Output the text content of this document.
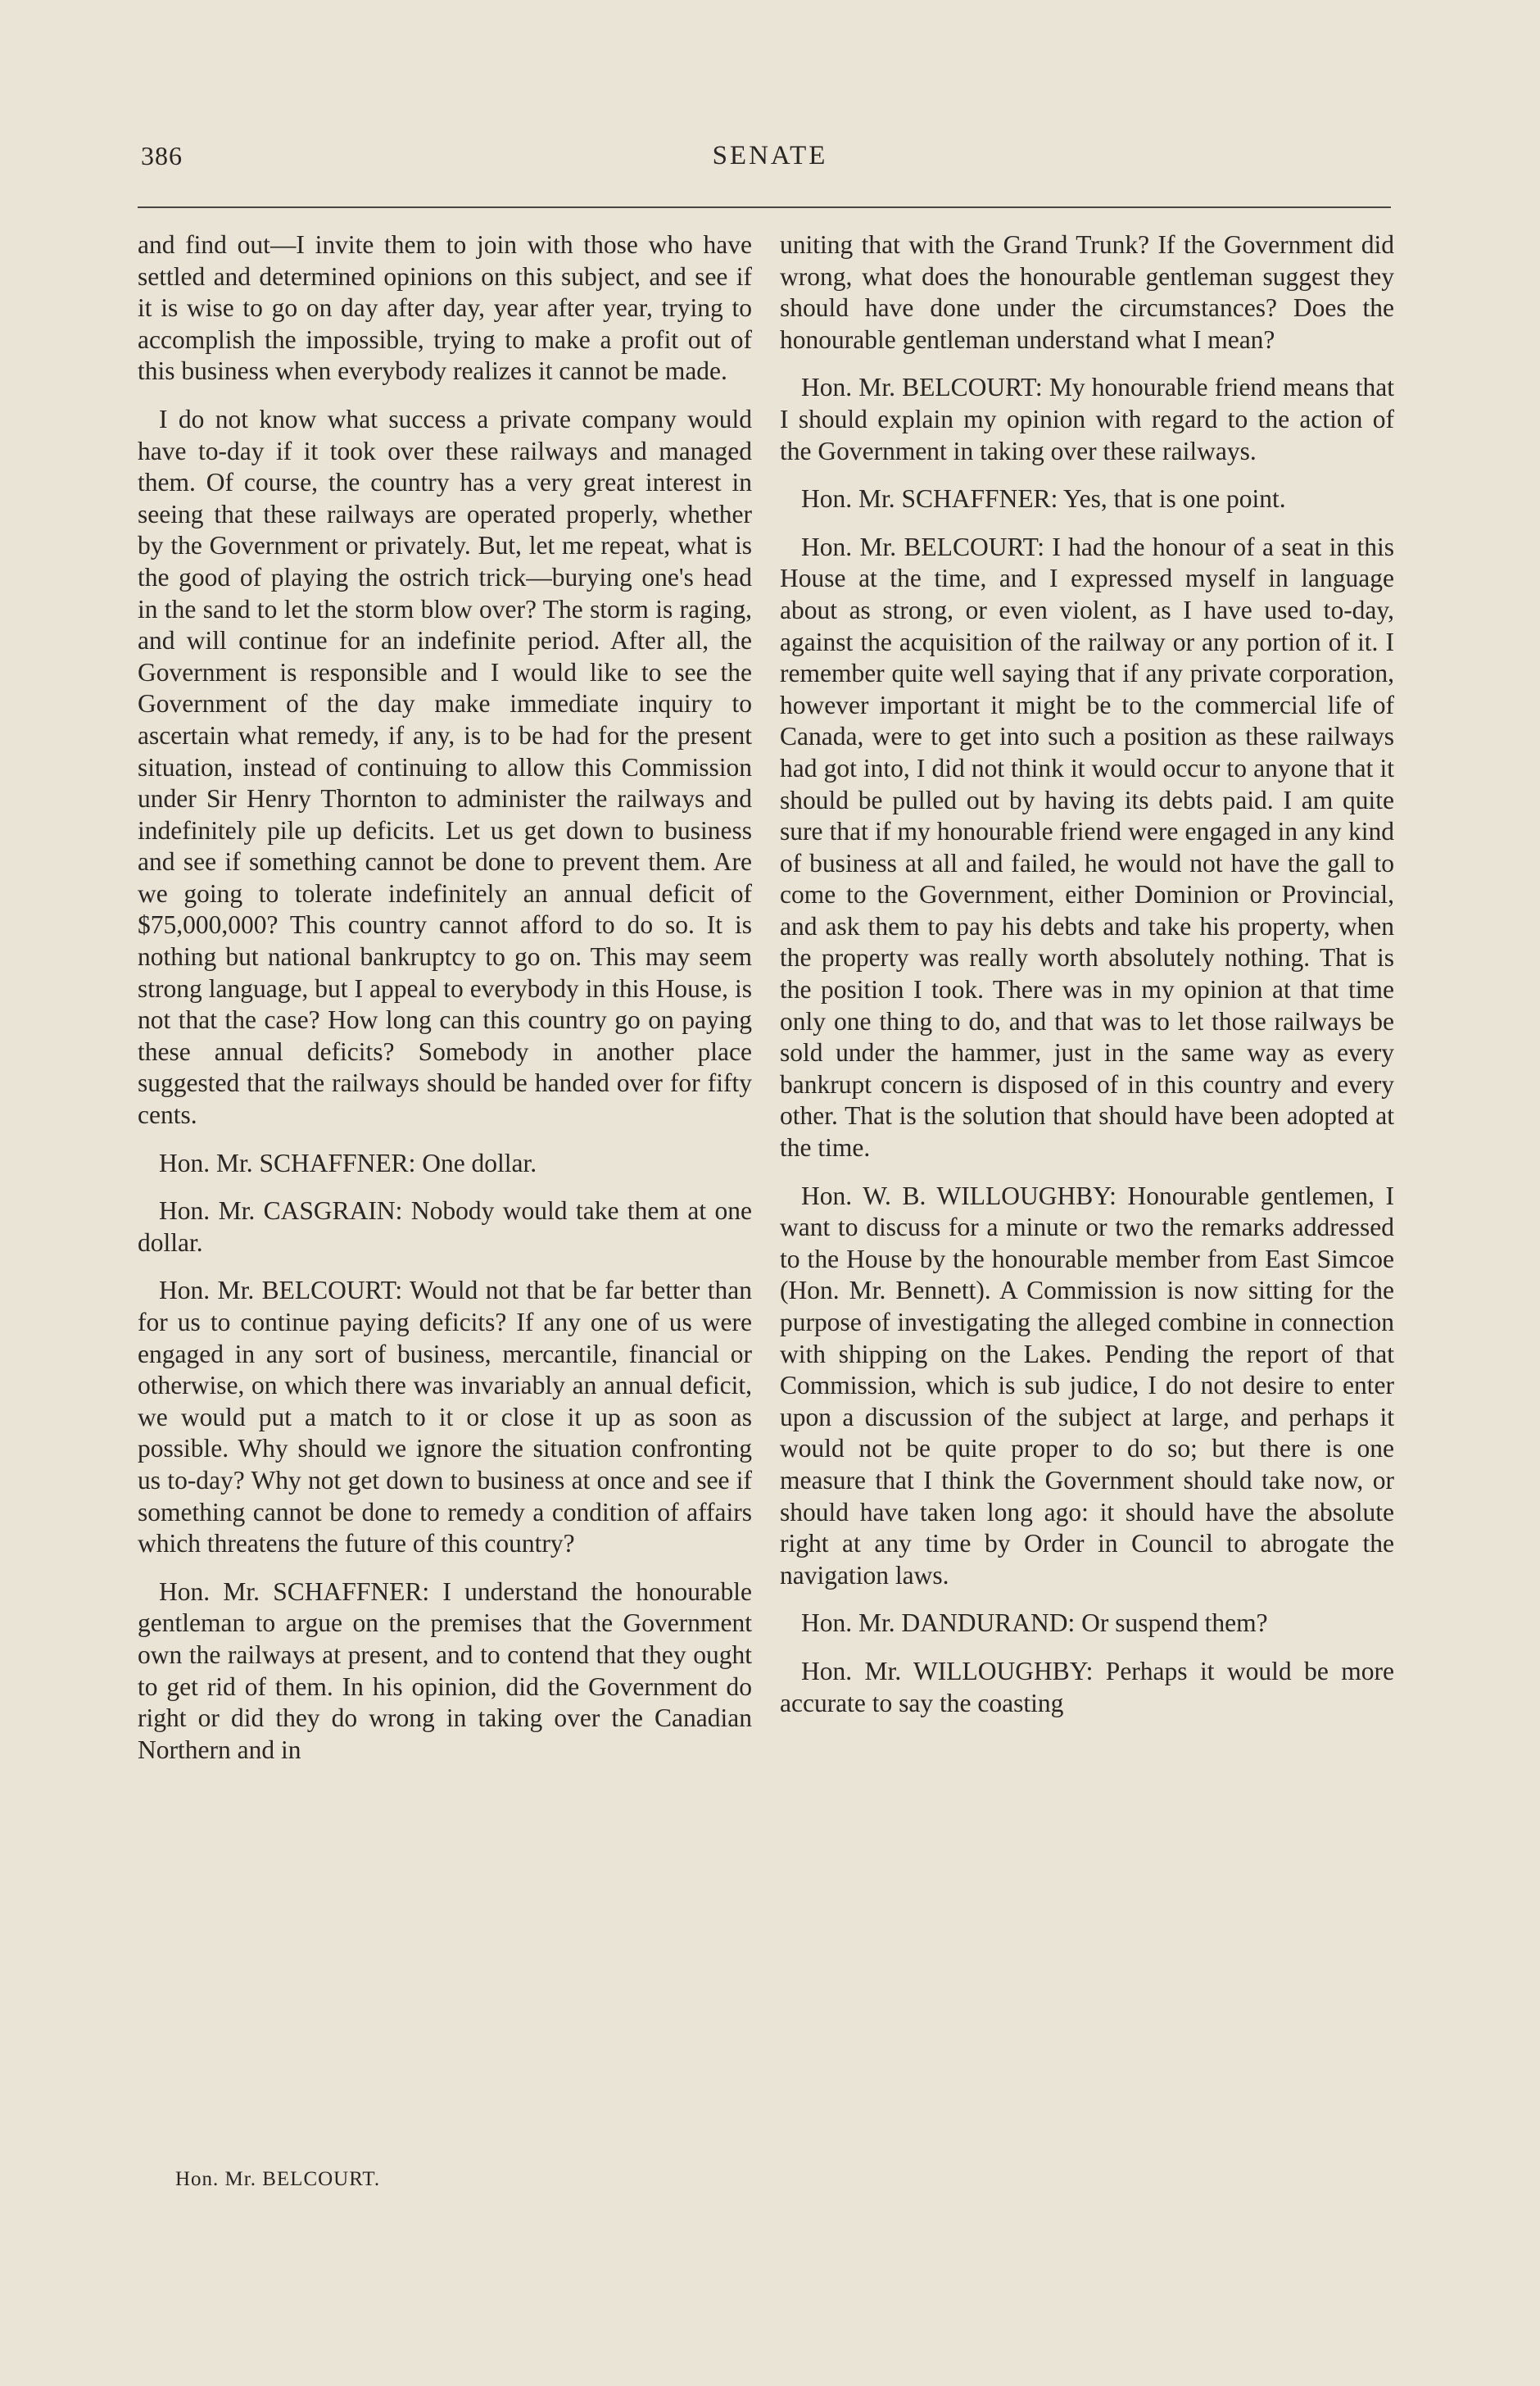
386	SENATE

and find out—I invite them to join with those who have settled and determined opinions on this subject, and see if it is wise to go on day after day, year after year, trying to accomplish the impossible, trying to make a profit out of this business when everybody realizes it cannot be made.

I do not know what success a private company would have to-day if it took over these railways and managed them. Of course, the country has a very great interest in seeing that these railways are operated properly, whether by the Government or privately. But, let me repeat, what is the good of playing the ostrich trick—burying one's head in the sand to let the storm blow over? The storm is raging, and will continue for an indefinite period. After all, the Government is responsible and I would like to see the Government of the day make immediate inquiry to ascertain what remedy, if any, is to be had for the present situation, instead of continuing to allow this Commission under Sir Henry Thornton to administer the railways and indefinitely pile up deficits. Let us get down to business and see if something cannot be done to prevent them. Are we going to tolerate indefinitely an annual deficit of $75,000,000? This country cannot afford to do so. It is nothing but national bankruptcy to go on. This may seem strong language, but I appeal to everybody in this House, is not that the case? How long can this country go on paying these annual deficits? Somebody in another place suggested that the railways should be handed over for fifty cents.

Hon. Mr. SCHAFFNER: One dollar.

Hon. Mr. CASGRAIN: Nobody would take them at one dollar.

Hon. Mr. BELCOURT: Would not that be far better than for us to continue paying deficits? If any one of us were engaged in any sort of business, mercantile, financial or otherwise, on which there was invariably an annual deficit, we would put a match to it or close it up as soon as possible. Why should we ignore the situation confronting us to-day? Why not get down to business at once and see if something cannot be done to remedy a condition of affairs which threatens the future of this country?

Hon. Mr. SCHAFFNER: I understand the honourable gentleman to argue on the premises that the Government own the railways at present, and to contend that they ought to get rid of them. In his opinion, did the Government do right or did they do wrong in taking over the Canadian Northern and in

uniting that with the Grand Trunk? If the Government did wrong, what does the honourable gentleman suggest they should have done under the circumstances? Does the honourable gentleman understand what I mean?

Hon. Mr. BELCOURT: My honourable friend means that I should explain my opinion with regard to the action of the Government in taking over these railways.

Hon. Mr. SCHAFFNER: Yes, that is one point.

Hon. Mr. BELCOURT: I had the honour of a seat in this House at the time, and I expressed myself in language about as strong, or even violent, as I have used to-day, against the acquisition of the railway or any portion of it. I remember quite well saying that if any private corporation, however important it might be to the commercial life of Canada, were to get into such a position as these railways had got into, I did not think it would occur to anyone that it should be pulled out by having its debts paid. I am quite sure that if my honourable friend were engaged in any kind of business at all and failed, he would not have the gall to come to the Government, either Dominion or Provincial, and ask them to pay his debts and take his property, when the property was really worth absolutely nothing. That is the position I took. There was in my opinion at that time only one thing to do, and that was to let those railways be sold under the hammer, just in the same way as every bankrupt concern is disposed of in this country and every other. That is the solution that should have been adopted at the time.

Hon. W. B. WILLOUGHBY: Honourable gentlemen, I want to discuss for a minute or two the remarks addressed to the House by the honourable member from East Simcoe (Hon. Mr. Bennett). A Commission is now sitting for the purpose of investigating the alleged combine in connection with shipping on the Lakes. Pending the report of that Commission, which is sub judice, I do not desire to enter upon a discussion of the subject at large, and perhaps it would not be quite proper to do so; but there is one measure that I think the Government should take now, or should have taken long ago: it should have the absolute right at any time by Order in Council to abrogate the navigation laws.

Hon. Mr. DANDURAND: Or suspend them?

Hon. Mr. WILLOUGHBY: Perhaps it would be more accurate to say the coasting

Hon. Mr. BELCOURT.
